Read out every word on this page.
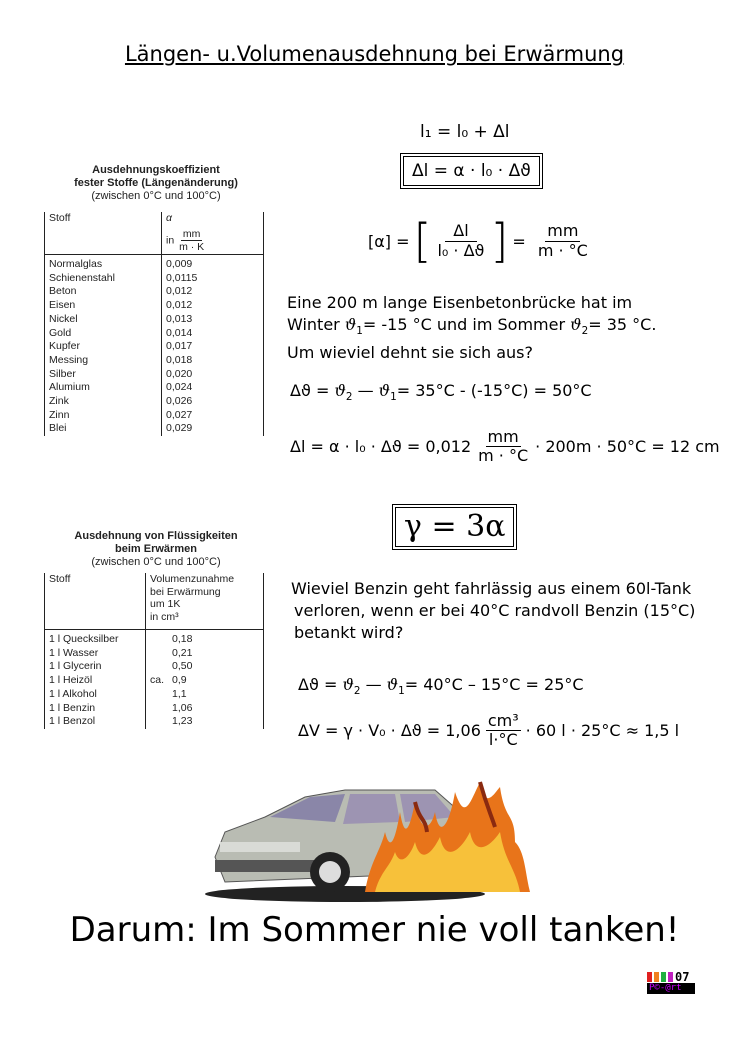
Längen- u.Volumenausdehnung bei Erwärmung
Ausdehnungskoeffizient
fester Stoffe (Längenänderung)
(zwischen 0°C und 100°C)
Stoff	α
in $\frac{mm}{m \cdot K}$

Normalglas	0,009
Schienenstahl	0,0115
Beton	0,012
Eisen	0,012
Nickel	0,013
Gold	0,014
Kupfer	0,017
Messing	0,018
Silber	0,020
Alumium	0,024
Zink	0,026
Zinn	0,027
Blei	0,029
Ausdehnung von Flüssigkeiten
beim Erwärmen
(zwischen 0°C und 100°C)
Stoff	Volumenzunahme
bei Erwärmung
um 1K
in cm³

1 l Quecksilber	0,18
1 l Wasser	0,21
1 l Glycerin	0,50
1 l Heizöl	ca. 0,9
1 l Alkohol	1,1
1 l Benzin	1,06
1 l Benzol	1,23
l₁ = l₀ + Δl
Δl = α · l₀ · Δϑ
[α] = [ $\frac{\Delta l}{\text{l₀ · Δϑ}}$ ] = $\frac{mm}{m \cdot ^\circ C}$
Eine 200 m lange Eisenbetonbrücke hat im
Winter $ϑ_1= -15$ °C und im Sommer $ϑ_2= 35$ °C.
Um wieviel dehnt sie sich aus?
$\Delta ϑ = ϑ_2$ — $ϑ_1= 35^\circ C - (-15^\circ C) = 50^\circ C$
$\Delta l = \alpha \cdot l_0 \cdot \Delta ϑ = 0,012 \frac{mm}{m \cdot ^\circ C} \cdot 200m \cdot 50^\circ C = 12$ cm
γ = 3α
Wieviel Benzin geht fahrlässig aus einem 60l-Tank
verloren, wenn er bei 40°C randvoll Benzin (15°C)
betankt wird?
$\Delta ϑ = ϑ_2$ — $ϑ_1= 40^\circ C - 15^\circ C = 25^\circ C$
$\Delta V = \gamma \cdot V_0 \cdot \Delta ϑ = 1,06 \frac{\text{cm³}}{l\cdot^\circ C} \cdot 60$ l · 25°C ≈ 1,5 l
Darum: Im Sommer nie voll tanken!
07
P©-@rt
